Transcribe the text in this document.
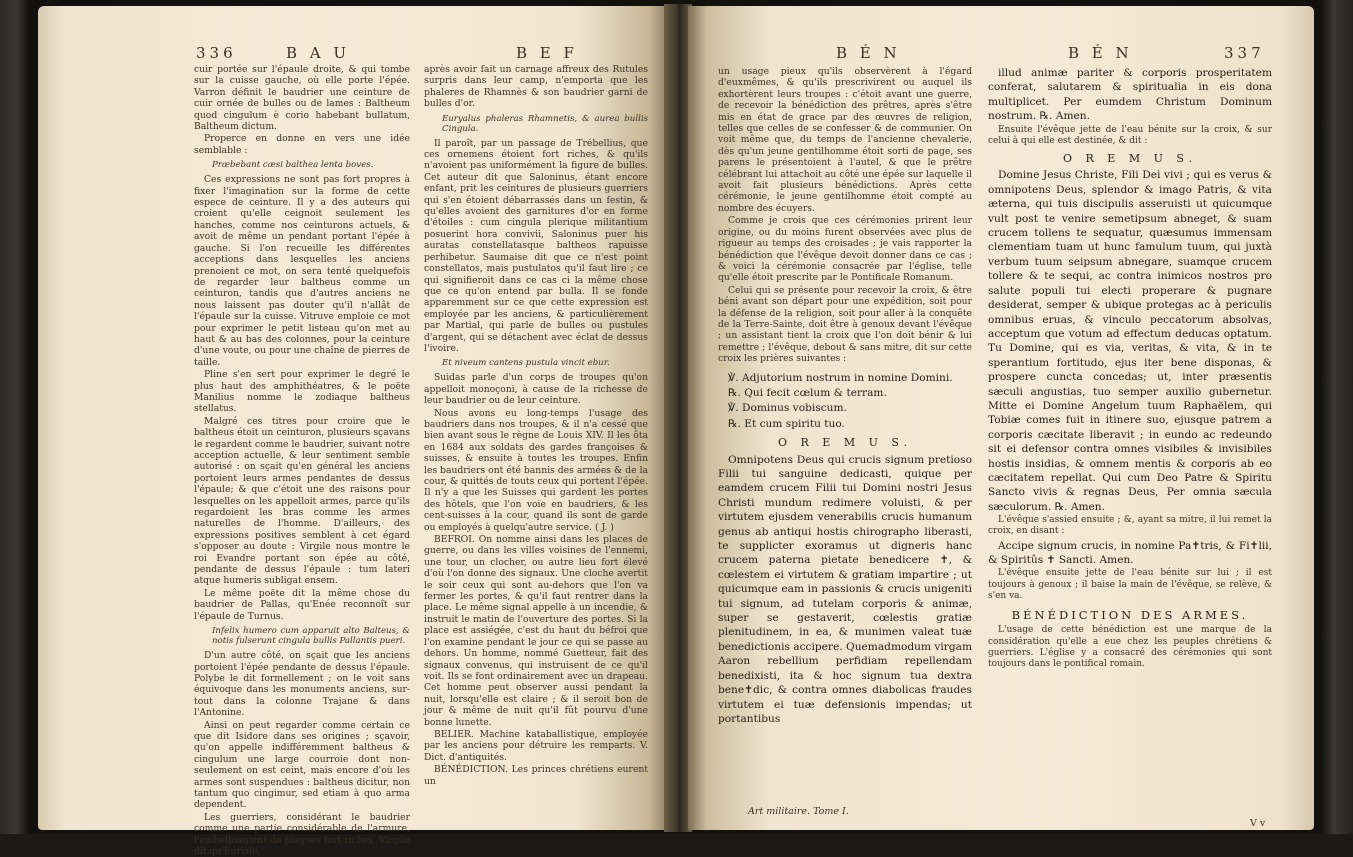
336	B A U	B E F

cuir portée sur l'épaule droite, & qui tombe sur la cuisse gauche, où elle porte l'épée. Varron définit le baudrier une ceinture de cuir ornée de bulles ou de lames : Baltheum quod cingulum è corio habebant bullatum, Baltheum dictum.

Properce en donne en vers une idée semblable :

Præbebant cæsi balthea lenta boves.

Ces expressions ne sont pas fort propres à fixer l'imagination sur la forme de cette espece de ceinture. Il y a des auteurs qui croient qu'elle ceignoit seulement les hanches, comme nos ceinturons actuels, & avoit de même un pendant portant l'épée à gauche. Si l'on recueille les différentes acceptions dans lesquelles les anciens prenoient ce mot, on sera tenté quelquefois de regarder leur baltheus comme un ceinturon, tandis que d'autres anciens ne nous laissent pas douter qu'il n'allât de l'épaule sur la cuisse. Vitruve emploie ce mot pour exprimer le petit listeau qu'on met au haut & au bas des colonnes, pour la ceinture d'une voute, ou pour une chaîne de pierres de taille.

Pline s'en sert pour exprimer le degré le plus haut des amphithéatres, & le poëte Manilius nomme le zodiaque baltheus stellatus.

Malgré ces titres pour croire que le baltheus étoit un ceinturon, plusieurs sçavans le regardent comme le baudrier, suivant notre acception actuelle, & leur sentiment semble autorisé : on sçait qu'en général les anciens portoient leurs armes pendantes de dessus l'épaule; & que c'étoit une des raisons pour lesquelles on les appelloit armes, parce qu'ils regardoient les bras comme les armes naturelles de l'homme. D'ailleurs, des expressions positives semblent à cet égard s'opposer au doute : Virgile nous montre le roi Evandre portant son épée au côté, pendante de dessus l'épaule : tum lateri atque humeris subligat ensem.

Le même poëte dit la même chose du baudrier de Pallas, qu'Enée reconnoît sur l'épaule de Turnus.

Infelix humero cum apparuit alto Balteus, & notis fulserunt cingula bullis Pallantis pueri.

D'un autre côté, on sçait que les anciens portoient l'épée pendante de dessus l'épaule. Polybe le dit formellement ; on le voit sans équivoque dans les monuments anciens, sur-tout dans la colonne Trajane & dans l'Antonine.

Ainsi on peut regarder comme certain ce que dit Isidore dans ses origines ; sçavoir, qu'on appelle indifféremment baltheus & cingulum une large courroie dont non-seulement on est ceint, mais encore d'où les armes sont suspendues : baltheus dicitur, non tantum quo cingimur, sed etiam à quo arma dependent.

Les guerriers, considérant le baudrier comme une partie considérable de l'armure, l'embellissoient de plaques fort riches. Virgile dit qu'Euriale,

après avoir fait un carnage affreux des Rutules surpris dans leur camp, n'emporta que les phaleres de Rhamnès & son baudrier garni de bulles d'or.

Euryalus phaleras Rhamnetis, & aurea bullis Cingula.

Il paroît, par un passage de Trébellius, que ces ornemens étoient fort riches, & qu'ils n'avoient pas uniformément la figure de bulles. Cet auteur dit que Saloninus, étant encore enfant, prit les ceintures de plusieurs guerriers qui s'en étoient débarrassés dans un festin, & qu'elles avoient des garnitures d'or en forme d'étoiles : cum cingula plerique militantium posuerint hora convivii, Saloninus puer his auratas constellatasque baltheos rapuisse perhibetur. Saumaise dit que ce n'est point constellatos, mais pustulatos qu'il faut lire ; ce qui signifieroit dans ce cas ci la même chose que ce qu'on entend par bulla. Il se fonde apparemment sur ce que cette expression est employée par les anciens, & particulièrement par Martial, qui parle de bulles ou pustules d'argent, qui se détachent avec éclat de dessus l'ivoire.

Et niveum cantens pustula vincit ebur.

Suidas parle d'un corps de troupes qu'on appelloit monoçoni, à cause de la richesse de leur baudrier ou de leur ceinture.

Nous avons eu long-temps l'usage des baudriers dans nos troupes, & il n'a cessé que bien avant sous le règne de Louis XIV. Il les ôta en 1684 aux soldats des gardes françoises & suisses, & ensuite à toutes les troupes. Enfin les baudriers ont été bannis des armées & de la cour, & quittés de touts ceux qui portent l'épée. Il n'y a que les Suisses qui gardent les portes des hôtels, que l'on voie en baudriers, & les cent-suisses à la cour, quand ils sont de garde ou employés à quelqu'autre service. ( J. )

BEFROI. On nomme ainsi dans les places de guerre, ou dans les villes voisines de l'ennemi, une tour, un clocher, ou autre lieu fort élevé d'où l'on donne des signaux. Une cloche avertit le soir ceux qui sont au-dehors que l'on va fermer les portes, & qu'il faut rentrer dans la place. Le même signal appelle à un incendie, & instruit le matin de l'ouverture des portes. Si la place est assiégée, c'est du haut du béfroi que l'on examine pendant le jour ce qui se passe au dehors. Un homme, nommé Guetteur, fait des signaux convenus, qui instruisent de ce qu'il voit. Ils se font ordinairement avec un drapeau. Cet homme peut observer aussi pendant la nuit, lorsqu'elle est claire ; & il seroit bon de jour & même de nuit qu'il fût pourvu d'une bonne lunette.

BELIER. Machine kataballistique, employée par les anciens pour détruire les remparts. V. Dict. d'antiquités.

BÉNÉDICTION. Les princes chrétiens eurent un

B É N	B É N	337

un usage pieux qu'ils observèrent à l'égard d'euxmêmes, & qu'ils prescrivirent ou auquel ils exhortèrent leurs troupes : c'étoit avant une guerre, de recevoir la bénédiction des prêtres, après s'être mis en état de grace par des œuvres de religion, telles que celles de se confesser & de communier. On voit même que, du temps de l'ancienne chevalerie, dès qu'un jeune gentilhomme étoit sorti de page, ses parens le présentoient à l'autel, & que le prêtre célébrant lui attachoit au côté une épée sur laquelle il avoit fait plusieurs bénédictions. Après cette cérémonie, le jeune gentilhomme étoit compté au nombre des écuyers.

Comme je crois que ces cérémonies prirent leur origine, ou du moins furent observées avec plus de rigueur au temps des croisades ; je vais rapporter la bénédiction que l'évêque devoit donner dans ce cas ; & voici la cérémonie consacrée par l'église, telle qu'elle étoit prescrite par le Pontificale Romanum.

Celui qui se présente pour recevoir la croix, & être béni avant son départ pour une expédition, soit pour la défense de la religion, soit pour aller à la conquête de la Terre-Sainte, doit être à genoux devant l'évêque ; un assistant tient la croix que l'on doit bénir & lui remettre ; l'évêque, debout & sans mitre, dit sur cette croix les prières suivantes :

℣. Adjutorium nostrum in nomine Domini.

℞. Qui fecit cœlum & terram.

℣. Dominus vobiscum.

℞. Et cum spiritu tuo.

O R E M U S.

Omnipotens Deus qui crucis signum pretioso Filii tui sanguine dedicasti, quique per eamdem crucem Filii tui Domini nostri Jesus Christi mundum redimere voluisti, & per virtutem ejusdem venerabilis crucis humanum genus ab antiqui hostis chirographo liberasti, te supplicter exoramus ut digneris hanc crucem paterna pietate benedicere ✝, & cœlestem ei virtutem & gratiam impartire ; ut quicumque eam in passionis & crucis unigeniti tui signum, ad tutelam corporis & animæ, super se gestaverit, cœlestis gratiæ plenitudinem, in ea, & munimen valeat tuæ benedictionis accipere. Quemadmodum virgam Aaron rebellium perfidiam repellendam benedixisti, ita & hoc signum tua dextra bene✝dic, & contra omnes diabolicas fraudes virtutem ei tuæ defensionis impendas; ut portantibus

Art militaire. Tome I.

illud animæ pariter & corporis prosperitatem conferat, salutarem & spiritualia in eis dona multiplicet. Per eumdem Christum Dominum nostrum. ℞. Amen.

Ensuite l'évêque jette de l'eau bénite sur la croix, & sur celui à qui elle est destinée, & dit :

O R E M U S.

Domine Jesus Christe, Fili Dei vivi ; qui es verus & omnipotens Deus, splendor & imago Patris, & vita æterna, qui tuis discipulis asseruisti ut quicumque vult post te venire semetipsum abneget, & suam crucem tollens te sequatur, quæsumus immensam clementiam tuam ut hunc famulum tuum, qui juxtà verbum tuum seipsum abnegare, suamque crucem tollere & te sequi, ac contra inimicos nostros pro salute populi tui electi properare & pugnare desiderat, semper & ubique protegas ac à periculis omnibus eruas, & vinculo peccatorum absolvas, acceptum que votum ad effectum deducas optatum. Tu Domine, qui es via, veritas, & vita, & in te sperantium fortitudo, ejus iter bene disponas, & prospere cuncta concedas; ut, inter præsentis sæculi angustias, tuo semper auxilio gubernetur. Mitte ei Domine Angelum tuum Raphaëlem, qui Tobiæ comes fuit in itinere suo, ejusque patrem a corporis cæcitate liberavit ; in eundo ac redeundo sit ei defensor contra omnes visibiles & invisibiles hostis insidias, & omnem mentis & corporis ab eo cæcitatem repellat. Qui cum Deo Patre & Spiritu Sancto vivis & regnas Deus, Per omnia sæcula sæculorum. ℞. Amen.

L'évêque s'assied ensuite ; &, ayant sa mitre, il lui remet la croix, en disant :

Accipe signum crucis, in nomine Pa✝tris, & Fi✝lii, & Spiritûs ✝ Sancti. Amen.

L'évêque ensuite jette de l'eau bénite sur lui ; il est toujours à genoux ; il baise la main de l'évêque, se relève, & s'en va.

BÉNÉDICTION DES ARMES.

L'usage de cette bénédiction est une marque de la considération qu'elle a eue chez les peuples chrétiens & guerriers. L'église y a consacré des cérémonies qui sont toujours dans le pontifical romain.

V v
